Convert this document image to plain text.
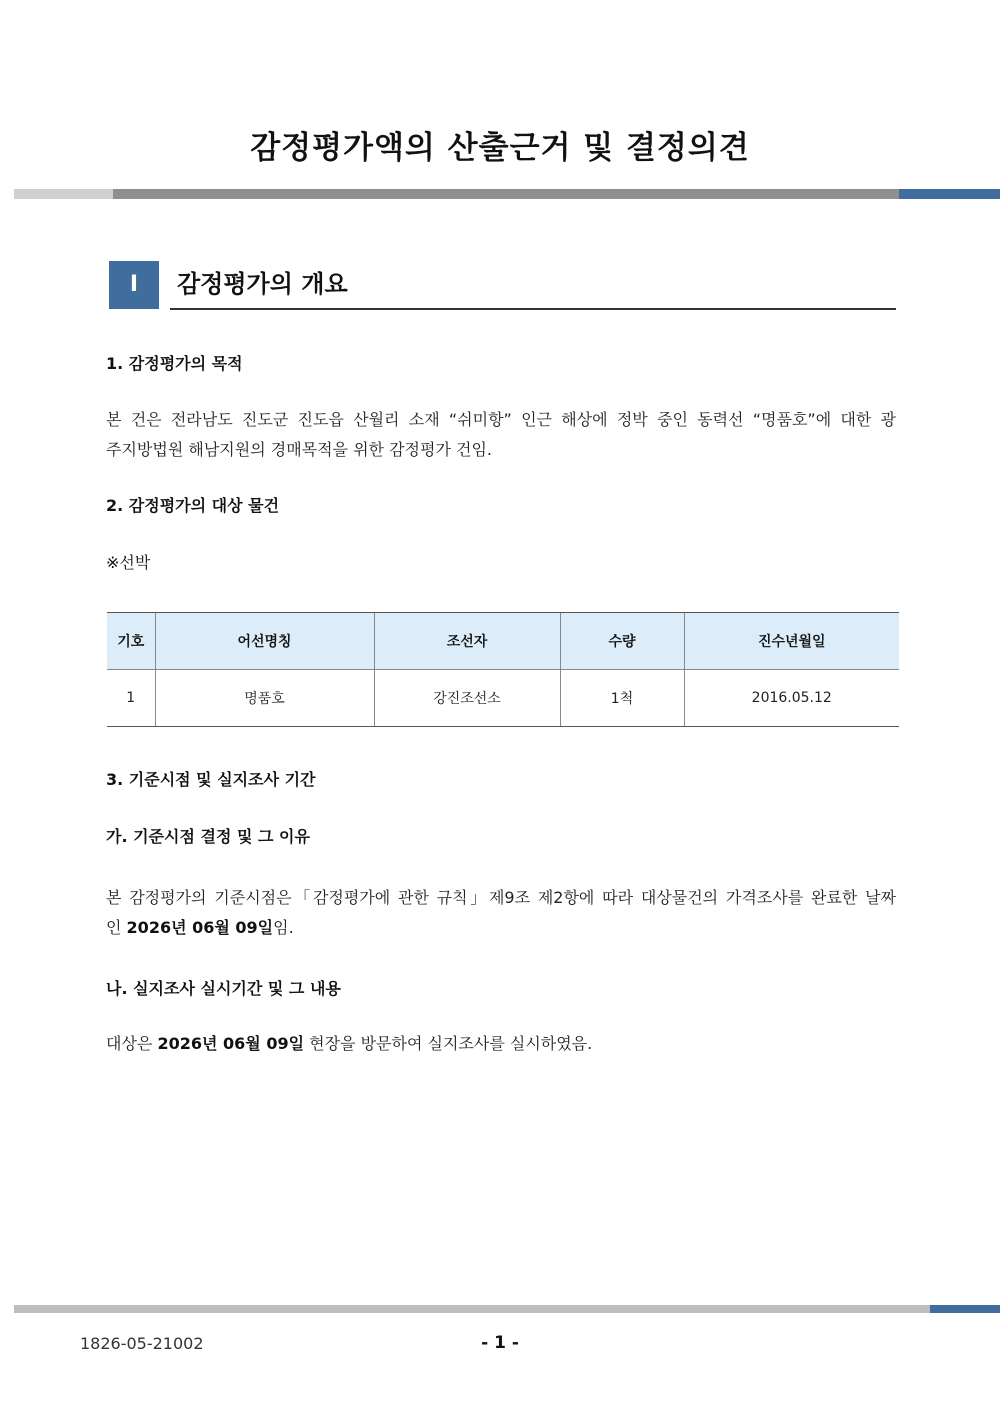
감정평가액의 산출근거 및 결정의견
I	감정평가의 개요
1. 감정평가의 목적
본 건은 전라남도 진도군 진도읍 산월리 소재 “쉬미항” 인근 해상에 정박 중인 동력선 “명품호”에 대한 광
주지방법원 해남지원의 경매목적을 위한 감정평가 건임.
2. 감정평가의 대상 물건
※선박
기호	어선명칭	조선자	수량	진수년월일
1	명품호	강진조선소	1척	2016.05.12
3. 기준시점 및 실지조사 기간
가. 기준시점 결정 및 그 이유
본 감정평가의 기준시점은「감정평가에 관한 규칙」제9조 제2항에 따라 대상물건의 가격조사를 완료한 날짜
인 2026년 06월 09일임.
나. 실지조사 실시기간 및 그 내용
대상은 2026년 06월 09일 현장을 방문하여 실지조사를 실시하였음.
1826-05-21002	- 1 -
